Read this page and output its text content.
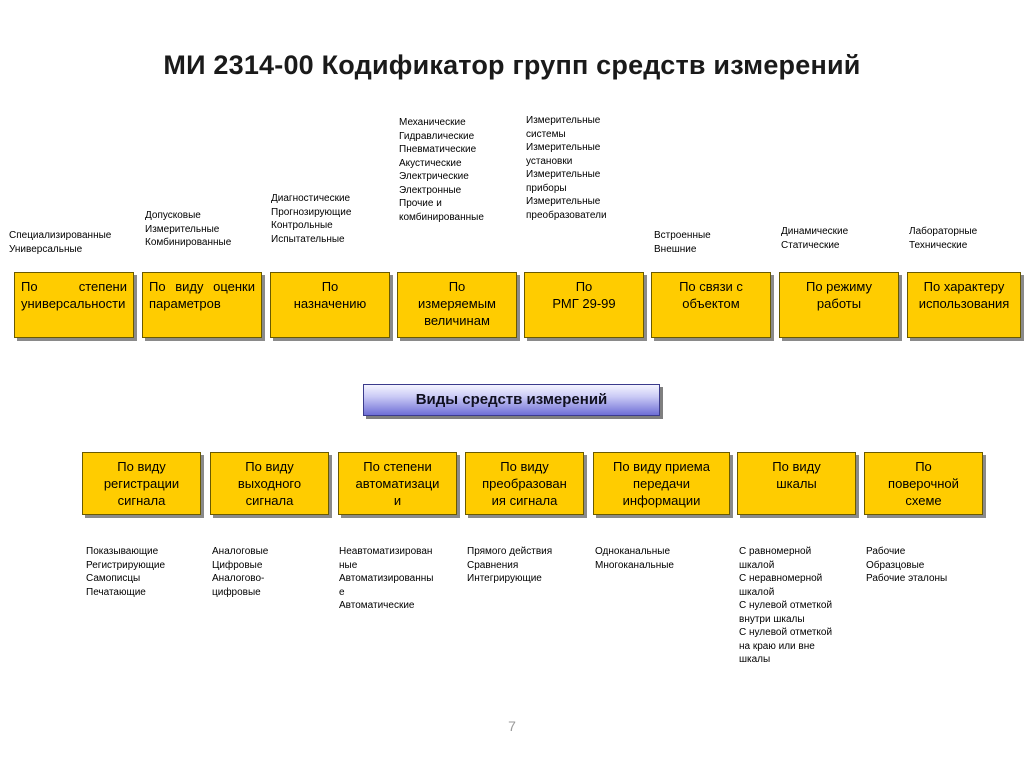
МИ 2314-00 Кодификатор групп средств измерений
Специализированные
Универсальные
Допусковые
Измерительные
Комбинированные
Диагностические
Прогнозирующие
Контрольные
Испытательные
Механические
Гидравлические
Пневматические
Акустические
Электрические
Электронные
Прочие и
комбинированные
Измерительные
системы
Измерительные
установки
Измерительные
приборы
Измерительные
преобразователи
Встроенные
Внешние
Динамические
Статические
Лабораторные
Технические
По степени универсальности
По виду оценки параметров
По
назначению
По
измеряемым
величинам
По
РМГ 29-99
По связи с
объектом
По режиму
работы
По характеру
использования
Виды средств измерений
По виду
регистрации
сигнала
По виду
выходного
сигнала
По степени
автоматизаци
и
По виду
преобразован
ия сигнала
По виду приема
передачи
информации
По виду
шкалы
По
поверочной
схеме
Показывающие
Регистрирующие
Самописцы
Печатающие
Аналоговые
Цифровые
Аналогово-
цифровые
Неавтоматизирован
ные
Автоматизированны
е
Автоматические
Прямого действия
Сравнения
Интегрирующие
Одноканальные
Многоканальные
С равномерной
шкалой
С неравномерной
шкалой
С нулевой отметкой
внутри шкалы
С нулевой отметкой
на краю или вне
шкалы
Рабочие
Образцовые
Рабочие эталоны
7
